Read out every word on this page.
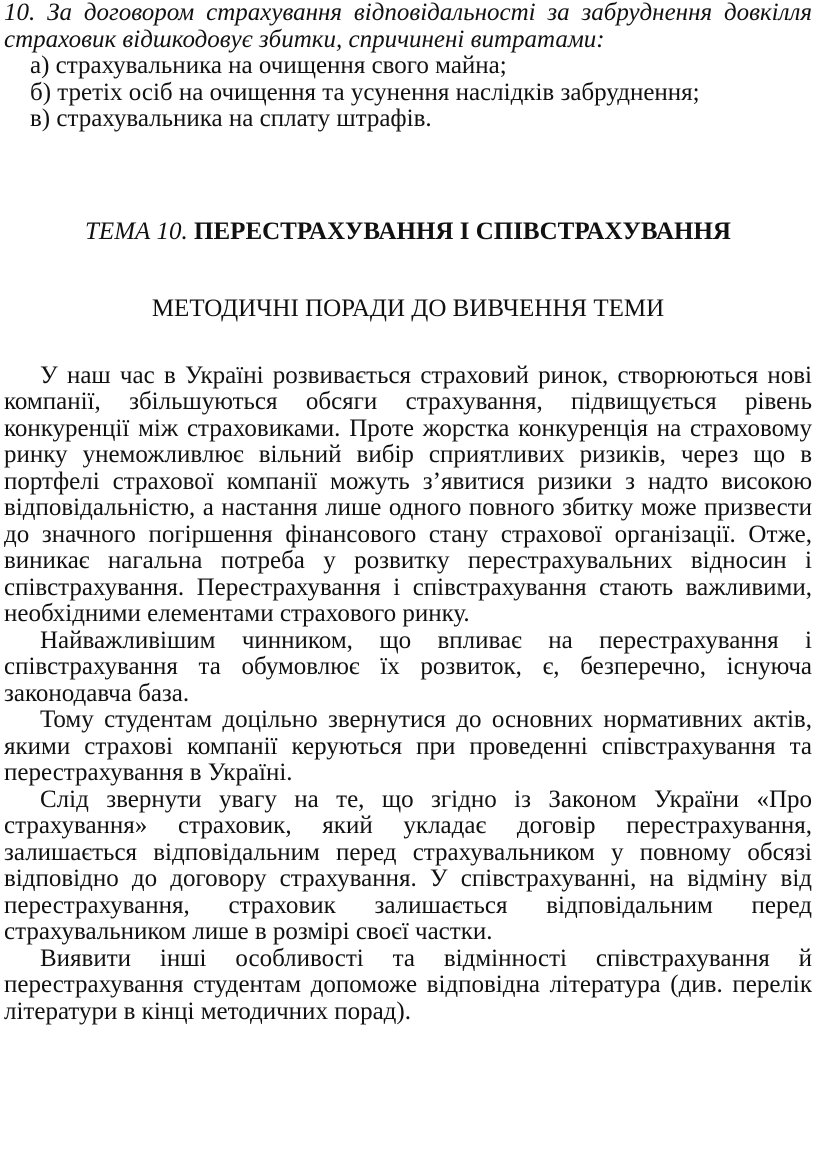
10. За договором страхування відповідальності за забруднення довкілля страховик відшкодовує збитки, спричинені витратами:

а) страхувальника на очищення свого майна;
б) третіх осіб на очищення та усунення наслідків забруднення;
в) страхувальника на сплату штрафів.
ТЕМА 10. ПЕРЕСТРАХУВАННЯ І СПІВСТРАХУВАННЯ
МЕТОДИЧНІ ПОРАДИ ДО ВИВЧЕННЯ ТЕМИ

У наш час в Україні розвивається страховий ринок, створюються нові компанії, збільшуються обсяги страхування, підвищується рівень конкуренції між страховиками. Проте жорстка конкуренція на страховому ринку унеможливлює вільний вибір сприятливих ризиків, через що в портфелі страхової компанії можуть з’явитися ризики з надто високою відповідальністю, а настання лише одного повного збитку може призвести до значного погіршення фінансового стану страхової організації. Отже, виникає нагальна потреба у розвитку перестрахувальних відносин і співстрахування. Перестрахування і співстрахування стають важливими, необхідними елементами страхового ринку.

Найважливішим чинником, що впливає на перестрахування і співстрахування та обумовлює їх розвиток, є, безперечно, існуюча законодавча база.

Тому студентам доцільно звернутися до основних нормативних актів, якими страхові компанії керуються при проведенні співстрахування та перестрахування в Україні.

Слід звернути увагу на те, що згідно із Законом України «Про страхування» страховик, який укладає договір перестрахування, залишається відповідальним перед страхувальником у повному обсязі відповідно до договору страхування. У співстрахуванні, на відміну від перестрахування, страховик залишається відповідальним перед страхувальником лише в розмірі своєї частки.

Виявити інші особливості та відмінності співстрахування й перестрахування студентам допоможе відповідна література (див. перелік літератури в кінці методичних порад).
